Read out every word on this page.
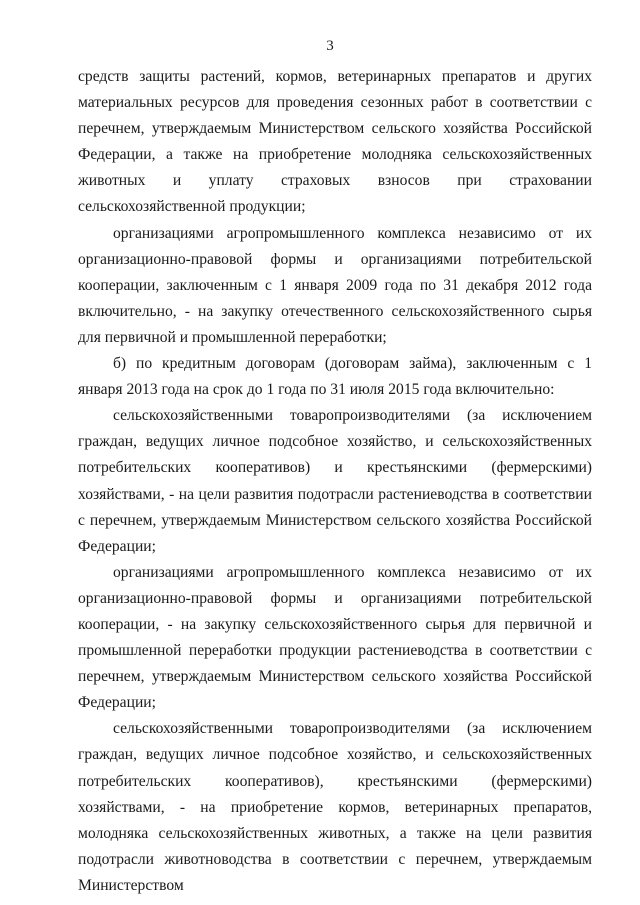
3

средств защиты растений, кормов, ветеринарных препаратов и других материальных ресурсов для проведения сезонных работ в соответствии с перечнем, утверждаемым Министерством сельского хозяйства Российской Федерации, а также на приобретение молодняка сельскохозяйственных животных и уплату страховых взносов при страховании сельскохозяйственной продукции;

организациями агропромышленного комплекса независимо от их организационно-правовой формы и организациями потребительской кооперации, заключенным с 1 января 2009 года по 31 декабря 2012 года включительно, - на закупку отечественного сельскохозяйственного сырья для первичной и промышленной переработки;

б) по кредитным договорам (договорам займа), заключенным с 1 января 2013 года на срок до 1 года по 31 июля 2015 года включительно:

сельскохозяйственными товаропроизводителями (за исключением граждан, ведущих личное подсобное хозяйство, и сельскохозяйственных потребительских кооперативов) и крестьянскими (фермерскими) хозяйствами, - на цели развития подотрасли растениеводства в соответствии с перечнем, утверждаемым Министерством сельского хозяйства Российской Федерации;

организациями агропромышленного комплекса независимо от их организационно-правовой формы и организациями потребительской кооперации, - на закупку сельскохозяйственного сырья для первичной и промышленной переработки продукции растениеводства в соответствии с перечнем, утверждаемым Министерством сельского хозяйства Российской Федерации;

сельскохозяйственными товаропроизводителями (за исключением граждан, ведущих личное подсобное хозяйство, и сельскохозяйственных потребительских кооперативов), крестьянскими (фермерскими) хозяйствами, - на приобретение кормов, ветеринарных препаратов, молодняка сельскохозяйственных животных, а также на цели развития подотрасли животноводства в соответствии с перечнем, утверждаемым Министерством
